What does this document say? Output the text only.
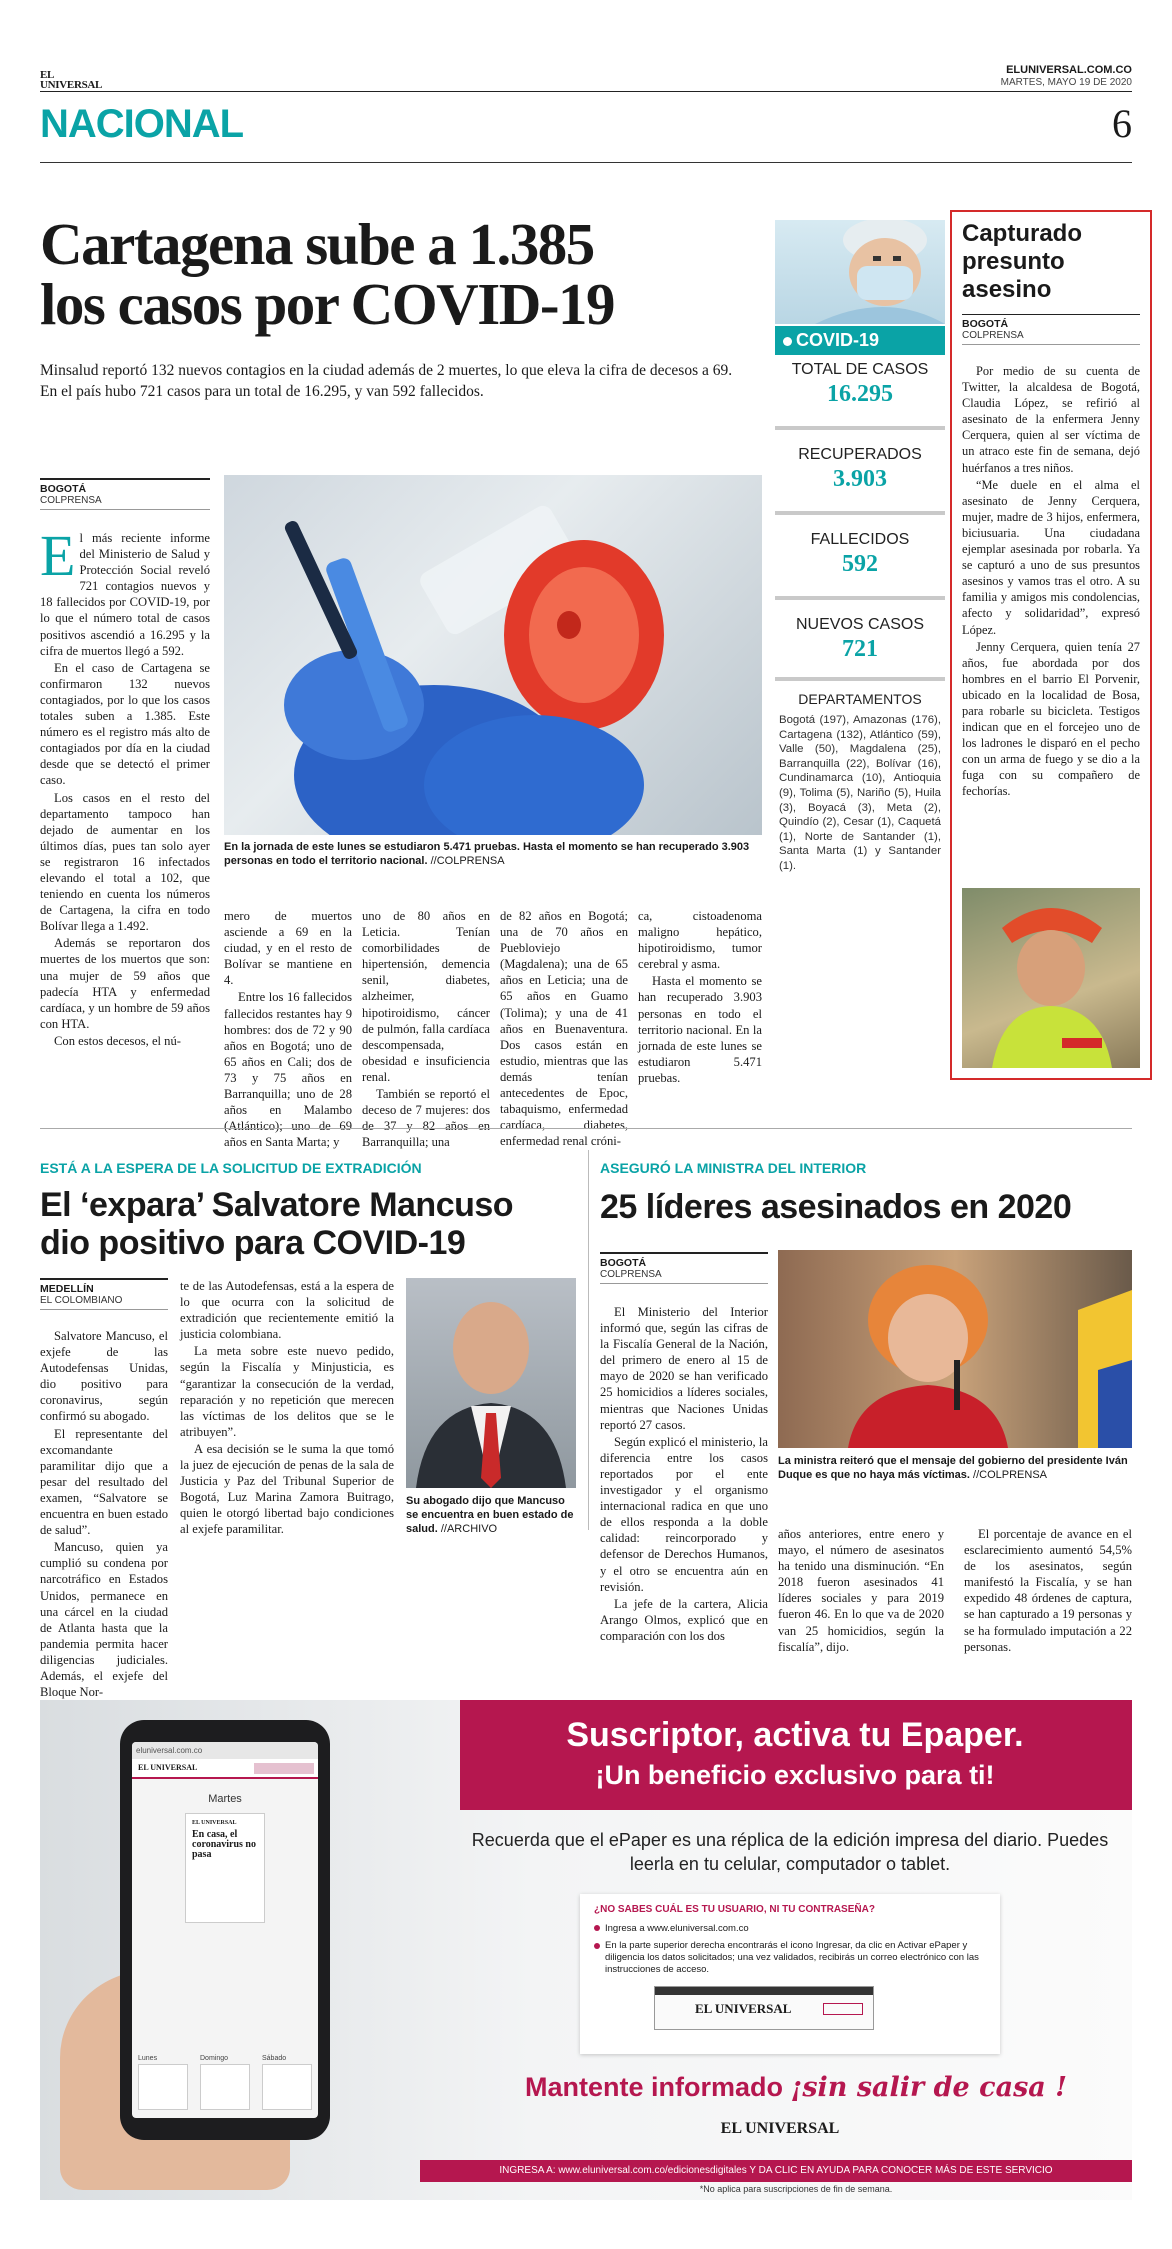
EL UNIVERSAL
ELUNIVERSAL.COM.CO
MARTES, MAYO 19 DE 2020
NACIONAL	6
Cartagena sube a 1.385
los casos por COVID-19
Minsalud reportó 132 nuevos contagios en la ciudad además de 2 muertes, lo que eleva la cifra de decesos a 69. En el país hubo 721 casos para un total de 16.295, y van 592 fallecidos.
BOGOTÁ
COLPRENSA

El más reciente informe del Ministerio de Salud y Protección Social reveló 721 contagios nuevos y 18 fallecidos por COVID-19, por lo que el número total de casos positivos ascendió a 16.295 y la cifra de muertos llegó a 592.

En el caso de Cartagena se confirmaron 132 nuevos contagiados, por lo que los casos totales suben a 1.385. Este número es el registro más alto de contagiados por día en la ciudad desde que se detectó el primer caso.

Los casos en el resto del departamento tampoco han dejado de aumentar en los últimos días, pues tan solo ayer se registraron 16 infectados elevando el total a 102, que teniendo en cuenta los números de Cartagena, la cifra en todo Bolívar llega a 1.492.

Además se reportaron dos muertes de los muertos que son: una mujer de 59 años que padecía HTA y enfermedad cardíaca, y un hombre de 59 años con HTA.

Con estos decesos, el nú-

En la jornada de este lunes se estudiaron 5.471 pruebas. Hasta el momento se han recuperado 3.903 personas en todo el territorio nacional. //COLPRENSA

mero de muertos asciende a 69 en la ciudad, y en el resto de Bolívar se mantiene en 4.

Entre los 16 fallecidos fallecidos restantes hay 9 hombres: dos de 72 y 90 años en Bogotá; uno de 65 años en Cali; dos de 73 y 75 años en Barranquilla; uno de 28 años en Malambo (Atlántico); uno de 69 años en Santa Marta; y

uno de 80 años en Leticia. Tenían comorbilidades de hipertensión, demencia senil, diabetes, alzheimer, hipotiroidismo, cáncer de pulmón, falla cardíaca descompensada, obesidad e insuficiencia renal.

También se reportó el deceso de 7 mujeres: dos de 37 y 82 años en Barranquilla; una

de 82 años en Bogotá; una de 70 años en Puebloviejo (Magdalena); una de 65 años en Leticia; una de 65 años en Guamo (Tolima); y una de 41 años en Buenaventura. Dos casos están en estudio, mientras que las demás tenían antecedentes de Epoc, tabaquismo, enfermedad cardíaca, diabetes, enfermedad renal cróni-

ca, cistoadenoma maligno hepático, hipotiroidismo, tumor cerebral y asma.

Hasta el momento se han recuperado 3.903 personas en todo el territorio nacional. En la jornada de este lunes se estudiaron 5.471 pruebas.

COVID-19
TOTAL DE CASOS
16.295
RECUPERADOS
3.903
FALLECIDOS
592
NUEVOS CASOS
721
DEPARTAMENTOS
Bogotá (197), Amazonas (176), Cartagena (132), Atlántico (59), Valle (50), Magdalena (25), Barranquilla (22), Bolívar (16), Cundinamarca (10), Antioquia (9), Tolima (5), Nariño (5), Huila (3), Boyacá (3), Meta (2), Quindío (2), Cesar (1), Caquetá (1), Norte de Santander (1), Santa Marta (1) y Santander (1).
Capturado presunto asesino
BOGOTÁ
COLPRENSA

Por medio de su cuenta de Twitter, la alcaldesa de Bogotá, Claudia López, se refirió al asesinato de la enfermera Jenny Cerquera, quien al ser víctima de un atraco este fin de semana, dejó huérfanos a tres niños.

“Me duele en el alma el asesinato de Jenny Cerquera, mujer, madre de 3 hijos, enfermera, biciusuaria. Una ciudadana ejemplar asesinada por robarla. Ya se capturó a uno de sus presuntos asesinos y vamos tras el otro. A su familia y amigos mis condolencias, afecto y solidaridad”, expresó López.

Jenny Cerquera, quien tenía 27 años, fue abordada por dos hombres en el barrio El Porvenir, ubicado en la localidad de Bosa, para robarle su bicicleta. Testigos indican que en el forcejeo uno de los ladrones le disparó en el pecho con un arma de fuego y se dio a la fuga con su compañero de fechorías.

ESTÁ A LA ESPERA DE LA SOLICITUD DE EXTRADICIÓN
El ‘expara’ Salvatore Mancuso
dio positivo para COVID-19
MEDELLÍN
EL COLOMBIANO

Salvatore Mancuso, el exjefe de las Autodefensas Unidas, dio positivo para coronavirus, según confirmó su abogado.

El representante del excomandante paramilitar dijo que a pesar del resultado del examen, “Salvatore se encuentra en buen estado de salud”.

Mancuso, quien ya cumplió su condena por narcotráfico en Estados Unidos, permanece en una cárcel en la ciudad de Atlanta hasta que la pandemia permita hacer diligencias judiciales. Además, el exjefe del Bloque Nor-

te de las Autodefensas, está a la espera de lo que ocurra con la solicitud de extradición que recientemente emitió la justicia colombiana.

La meta sobre este nuevo pedido, según la Fiscalía y Minjusticia, es “garantizar la consecución de la verdad, reparación y no repetición que merecen las víctimas de los delitos que se le atribuyen”.

A esa decisión se le suma la que tomó la juez de ejecución de penas de la sala de Justicia y Paz del Tribunal Superior de Bogotá, Luz Marina Zamora Buitrago, quien le otorgó libertad bajo condiciones al exjefe paramilitar.

Su abogado dijo que Mancuso se encuentra en buen estado de salud. //ARCHIVO
ASEGURÓ LA MINISTRA DEL INTERIOR
25 líderes asesinados en 2020
BOGOTÁ
COLPRENSA

El Ministerio del Interior informó que, según las cifras de la Fiscalía General de la Nación, del primero de enero al 15 de mayo de 2020 se han verificado 25 homicidios a líderes sociales, mientras que Naciones Unidas reportó 27 casos.

Según explicó el ministerio, la diferencia entre los casos reportados por el ente investigador y el organismo internacional radica en que uno de ellos responda a la doble calidad: reincorporado y defensor de Derechos Humanos, y el otro se encuentra aún en revisión.

La jefe de la cartera, Alicia Arango Olmos, explicó que en comparación con los dos

La ministra reiteró que el mensaje del gobierno del presidente Iván Duque es que no haya más víctimas. //COLPRENSA

años anteriores, entre enero y mayo, el número de asesinatos ha tenido una disminución. “En 2018 fueron asesinados 41 líderes sociales y para 2019 fueron 46. En lo que va de 2020 van 25 homicidios, según la fiscalía”, dijo.

El porcentaje de avance en el esclarecimiento aumentó 54,5% de los asesinatos, según manifestó la Fiscalía, y se han expedido 48 órdenes de captura, se han capturado a 19 personas y se ha formulado imputación a 22 personas.

Suscriptor, activa tu Epaper.
¡Un beneficio exclusivo para ti!
Recuerda que el ePaper es una réplica de la edición impresa del diario. Puedes leerla en tu celular, computador o tablet.
¿NO SABES CUÁL ES TU USUARIO, NI TU CONTRASEÑA?
Ingresa a www.eluniversal.com.co
En la parte superior derecha encontrarás el icono Ingresar, da clic en Activar ePaper y diligencia los datos solicitados; una vez validados, recibirás un correo electrónico con las instrucciones de acceso.
EL UNIVERSAL
Mantente informado ¡sin salir de casa !
EL UNIVERSAL
INGRESA A: www.eluniversal.com.co/edicionesdigitales Y DA CLIC EN AYUDA PARA CONOCER MÁS DE ESTE SERVICIO
*No aplica para suscripciones de fin de semana.
eluniversal.com.co
EL UNIVERSAL
Martes
EL UNIVERSAL
En casa, el coronavirus no pasa
Lunes	Domingo	Sábado
